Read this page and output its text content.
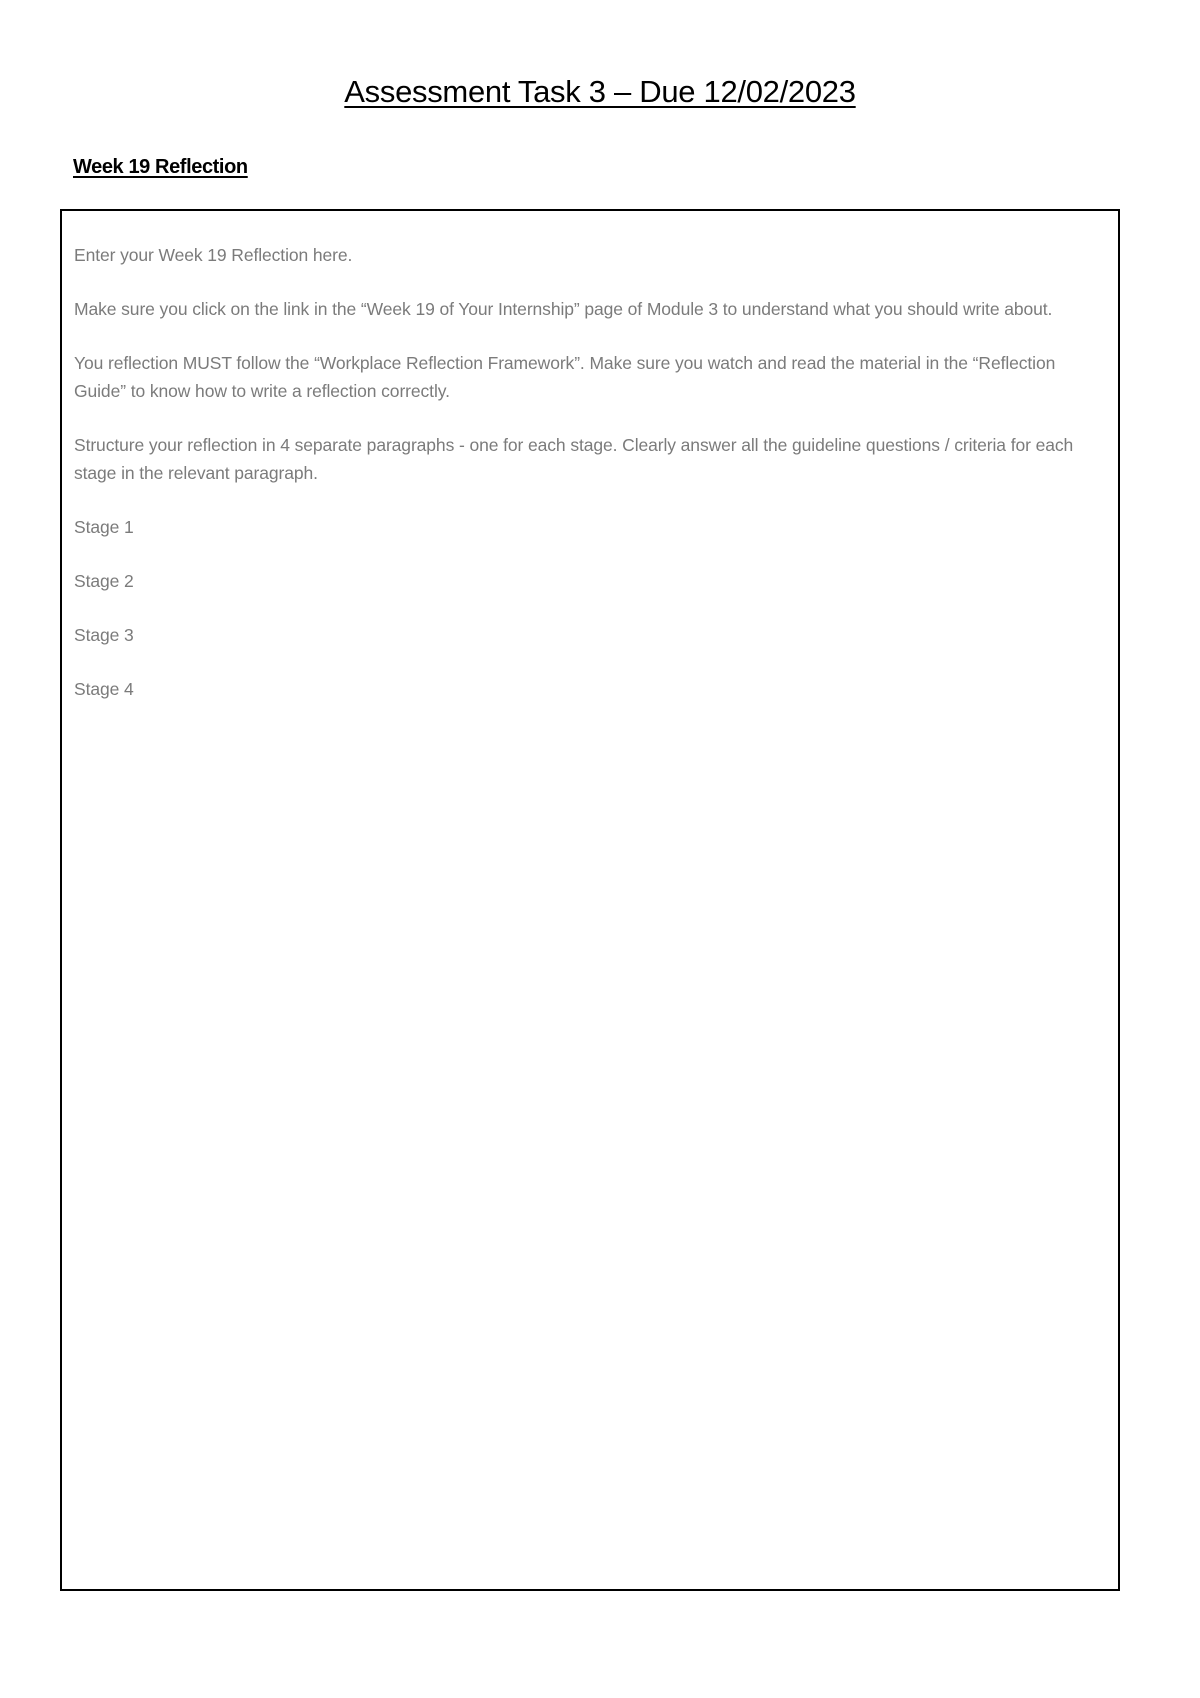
Assessment Task 3 – Due 12/02/2023
Week 19 Reflection

Enter your Week 19 Reflection here.

Make sure you click on the link in the “Week 19 of Your Internship” page of Module 3 to understand what you should write about.

You reflection MUST follow the “Workplace Reflection Framework”. Make sure you watch and read the material in the “Reflection Guide” to know how to write a reflection correctly.

Structure your reflection in 4 separate paragraphs - one for each stage. Clearly answer all the guideline questions / criteria for each stage in the relevant paragraph.

Stage 1

Stage 2

Stage 3

Stage 4
